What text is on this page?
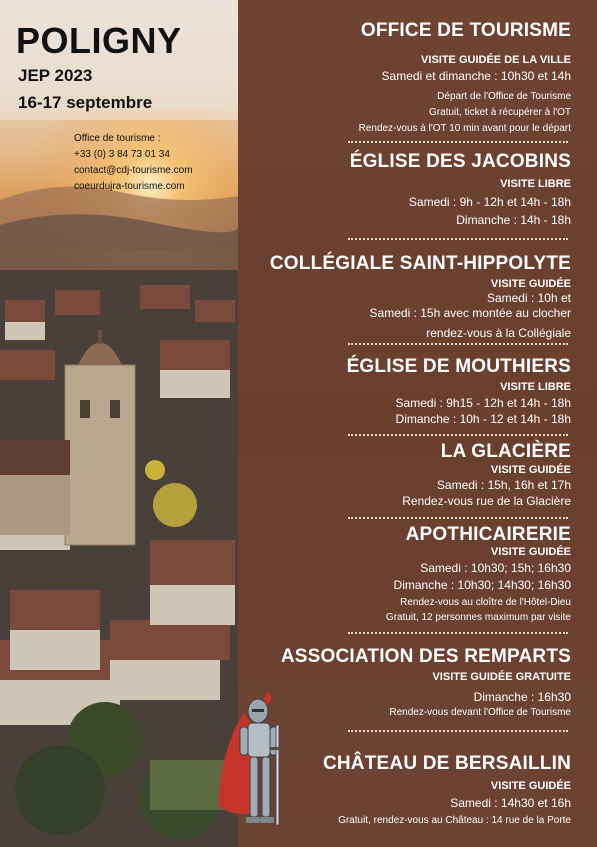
POLIGNY
JEP 2023
16-17 septembre
Office de tourisme :
+33 (0) 3 84 73 01 34
contact@cdj-tourisme.com
coeurdujra-tourisme.com
OFFICE DE TOURISME
VISITE GUIDÉE DE LA VILLE
Samedi et dimanche : 10h30 et 14h
Départ de l'Office de Tourisme
Gratuit, ticket à récupérer à l'OT
Rendez-vous à l'OT 10 min avant pour le départ
ÉGLISE DES JACOBINS
VISITE LIBRE
Samedi : 9h - 12h et 14h - 18h
Dimanche : 14h - 18h
COLLÉGIALE SAINT-HIPPOLYTE
VISITE GUIDÉE
Samedi : 10h et
Samedi : 15h avec montée au clocher
rendez-vous à la Collégiale
ÉGLISE DE MOUTHIERS
VISITE LIBRE
Samedi : 9h15 - 12h et 14h - 18h
Dimanche : 10h - 12 et 14h - 18h
LA GLACIÈRE
VISITE GUIDÉE
Samedi : 15h, 16h et 17h
Rendez-vous rue de la Glacière
APOTHICAIRERIE
VISITE GUIDÉE
Samedi : 10h30; 15h; 16h30
Dimanche : 10h30; 14h30; 16h30
Rendez-vous au cloître de l'Hôtel-Dieu
Gratuit, 12 personnes maximum par visite
ASSOCIATION DES REMPARTS
VISITE GUIDÉE GRATUITE
Dimanche : 16h30
Rendez-vous devant l'Office de Tourisme
CHÂTEAU DE BERSAILLIN
VISITE GUIDÉE
Samedi : 14h30 et 16h
Gratuit, rendez-vous au Château : 14 rue de la Porte
